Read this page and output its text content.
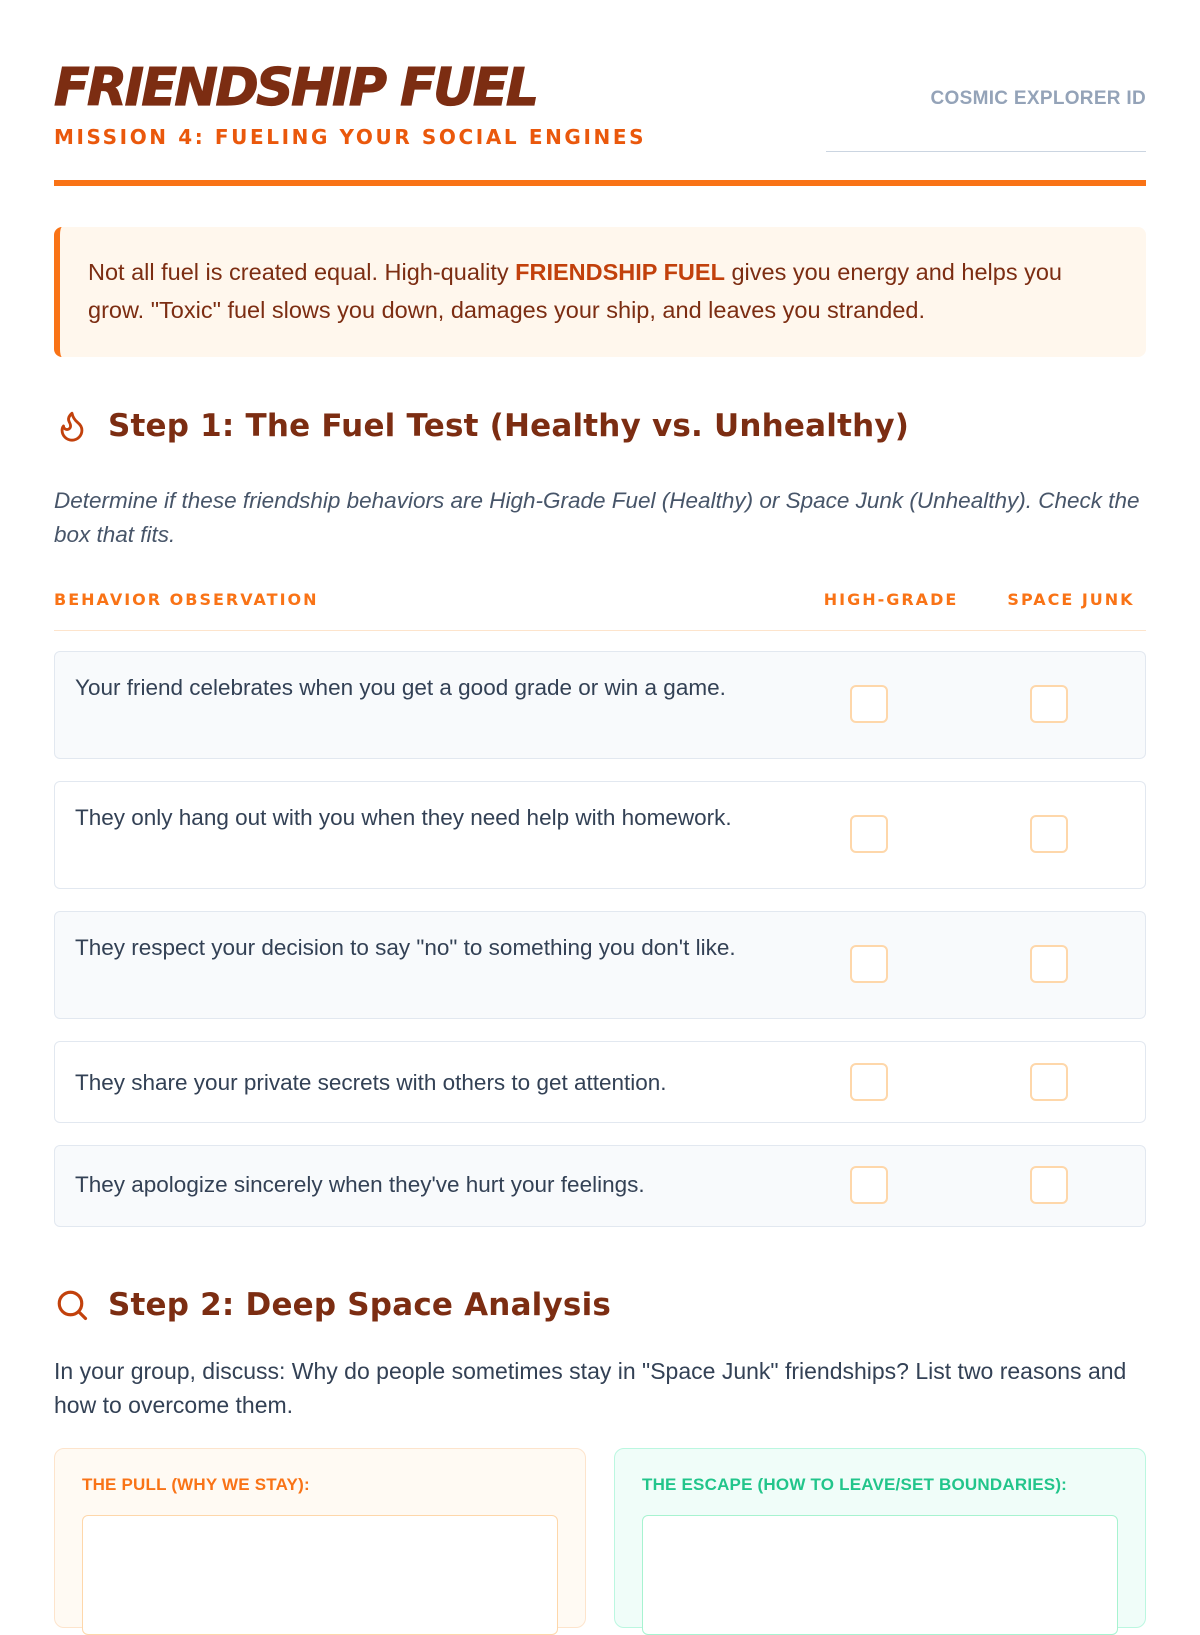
FRIENDSHIP FUEL
MISSION 4: FUELING YOUR SOCIAL ENGINES
COSMIC EXPLORER ID
Not all fuel is created equal. High-quality FRIENDSHIP FUEL gives you energy and helps you grow. "Toxic" fuel slows you down, damages your ship, and leaves you stranded.
Step 1: The Fuel Test (Healthy vs. Unhealthy)
Determine if these friendship behaviors are High-Grade Fuel (Healthy) or Space Junk (Unhealthy). Check the box that fits.
BEHAVIOR OBSERVATION	HIGH-GRADE	SPACE JUNK
Your friend celebrates when you get a good grade or win a game.
They only hang out with you when they need help with homework.
They respect your decision to say "no" to something you don't like.
They share your private secrets with others to get attention.
They apologize sincerely when they've hurt your feelings.
Step 2: Deep Space Analysis
In your group, discuss: Why do people sometimes stay in "Space Junk" friendships? List two reasons and how to overcome them.
THE PULL (WHY WE STAY):	THE ESCAPE (HOW TO LEAVE/SET BOUNDARIES):
